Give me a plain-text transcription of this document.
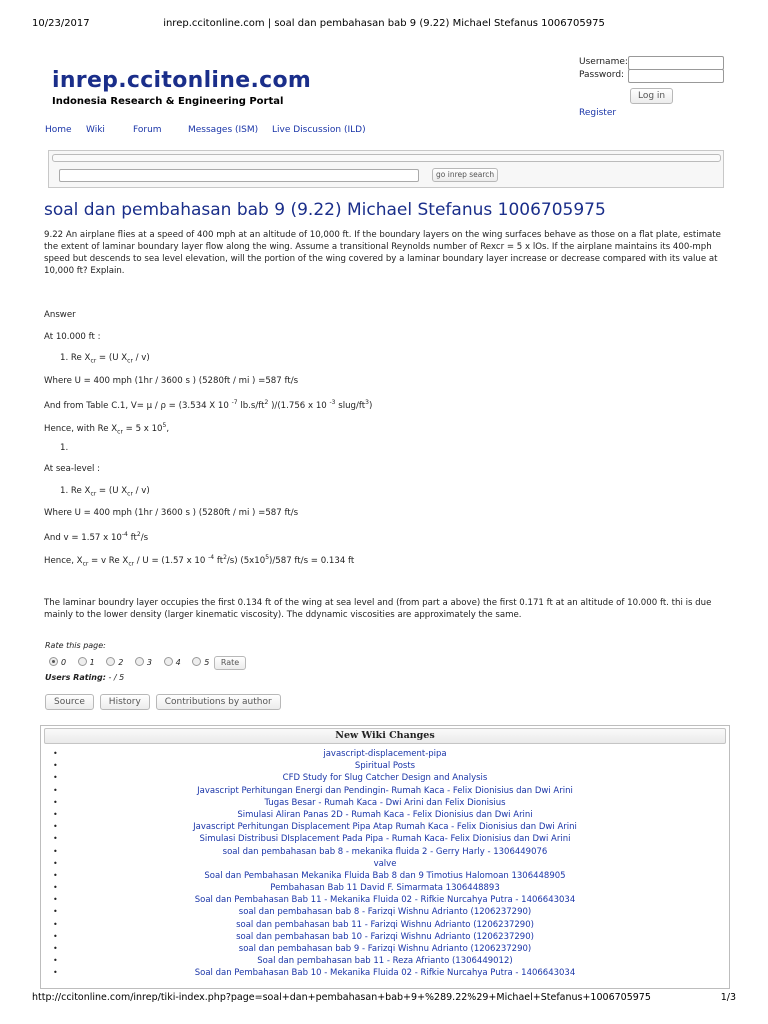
10/23/2017	inrep.ccitonline.com | soal dan pembahasan bab 9 (9.22) Michael Stefanus 1006705975
inrep.ccitonline.com
Indonesia Research & Engineering Portal
Username:
Password:
Log in
Register
Home Wiki	Forum	Messages (ISM) Live Discussion (ILD)
go inrep search
soal dan pembahasan bab 9 (9.22) Michael Stefanus 1006705975
9.22 An airplane flies at a speed of 400 mph at an altitude of 10,000 ft. If the boundary layers on the wing surfaces behave as those on a flat plate, estimate the extent of laminar boundary layer flow along the wing. Assume a transitional Reynolds number of Rexcr = 5 x lOs. If the airplane maintains its 400-mph speed but descends to sea level elevation, will the portion of the wing covered by a laminar boundary layer increase or decrease compared with its value at 10,000 ft? Explain.
Answer
At 10.000 ft :
1. Re $X_{cr} = (U$ $X_{cr} / v$)
Where U = 400 mph (1hr / 3600 s ) (5280ft / mi ) =587 ft/s
And from Table C.1, V= μ / ρ = (3.534 X 10 $^{-7}$ $lb.s/ft^2$ )/(1.756 x 10 $^{-3}$ slug/$ft^3$)
Hence, with Re $X_{cr} = 5$ x $10^5$,
1.
At sea-level :
1. Re $X_{cr} = (U$ $X_{cr} / v$)
Where U = 400 mph (1hr / 3600 s ) (5280ft / mi ) =587 ft/s
And v = 1.57 x $10^{-4}$ $ft^2/s$
Hence, $X_{cr} = v$ Re $X_{cr} / U = (1.57$ x 10 $^{-4}$ $ft^2/s$) $(5x10^5)/587$ ft/s = 0.134 ft
The laminar boundry layer occupies the first 0.134 ft of the wing at sea level and (from part a above) the first 0.171 ft at an altitude of 10.000 ft. thi is due mainly to the lower density (larger kinematic viscosity). The ddynamic viscosities are approximately the same.
Rate this page:
0	1	2	3	4	5 Rate
Users Rating: - / 5
Source	History	Contributions by author
New Wiki Changes
•	javascript-displacement-pipa
•	Spiritual Posts
•	CFD Study for Slug Catcher Design and Analysis
•	Javascript Perhitungan Energi dan Pendingin- Rumah Kaca - Felix Dionisius dan Dwi Arini
•	Tugas Besar - Rumah Kaca - Dwi Arini dan Felix Dionisius
•	Simulasi Aliran Panas 2D - Rumah Kaca - Felix Dionisius dan Dwi Arini
•	Javascript Perhitungan Displacement Pipa Atap Rumah Kaca - Felix Dionisius dan Dwi Arini
•	Simulasi Distribusi DIsplacement Pada Pipa - Rumah Kaca- Felix Dionisius dan Dwi Arini
•	soal dan pembahasan bab 8 - mekanika fluida 2 - Gerry Harly - 1306449076
•	valve
•	Soal dan Pembahasan Mekanika Fluida Bab 8 dan 9 Timotius Halomoan 1306448905
•	Pembahasan Bab 11 David F. Simarmata 1306448893
•	Soal dan Pembahasan Bab 11 - Mekanika Fluida 02 - Rifkie Nurcahya Putra - 1406643034
•	soal dan pembahasan bab 8 - Farizqi Wishnu Adrianto (1206237290)
•	soal dan pembahasan bab 11 - Farizqi Wishnu Adrianto (1206237290)
•	soal dan pembahasan bab 10 - Farizqi Wishnu Adrianto (1206237290)
•	soal dan pembahasan bab 9 - Farizqi Wishnu Adrianto (1206237290)
•	Soal dan pembahasan bab 11 - Reza Afrianto (1306449012)
•	Soal dan Pembahasan Bab 10 - Mekanika Fluida 02 - Rifkie Nurcahya Putra - 1406643034
http://ccitonline.com/inrep/tiki-index.php?page=soal+dan+pembahasan+bab+9+%289.22%29+Michael+Stefanus+1006705975	1/3
